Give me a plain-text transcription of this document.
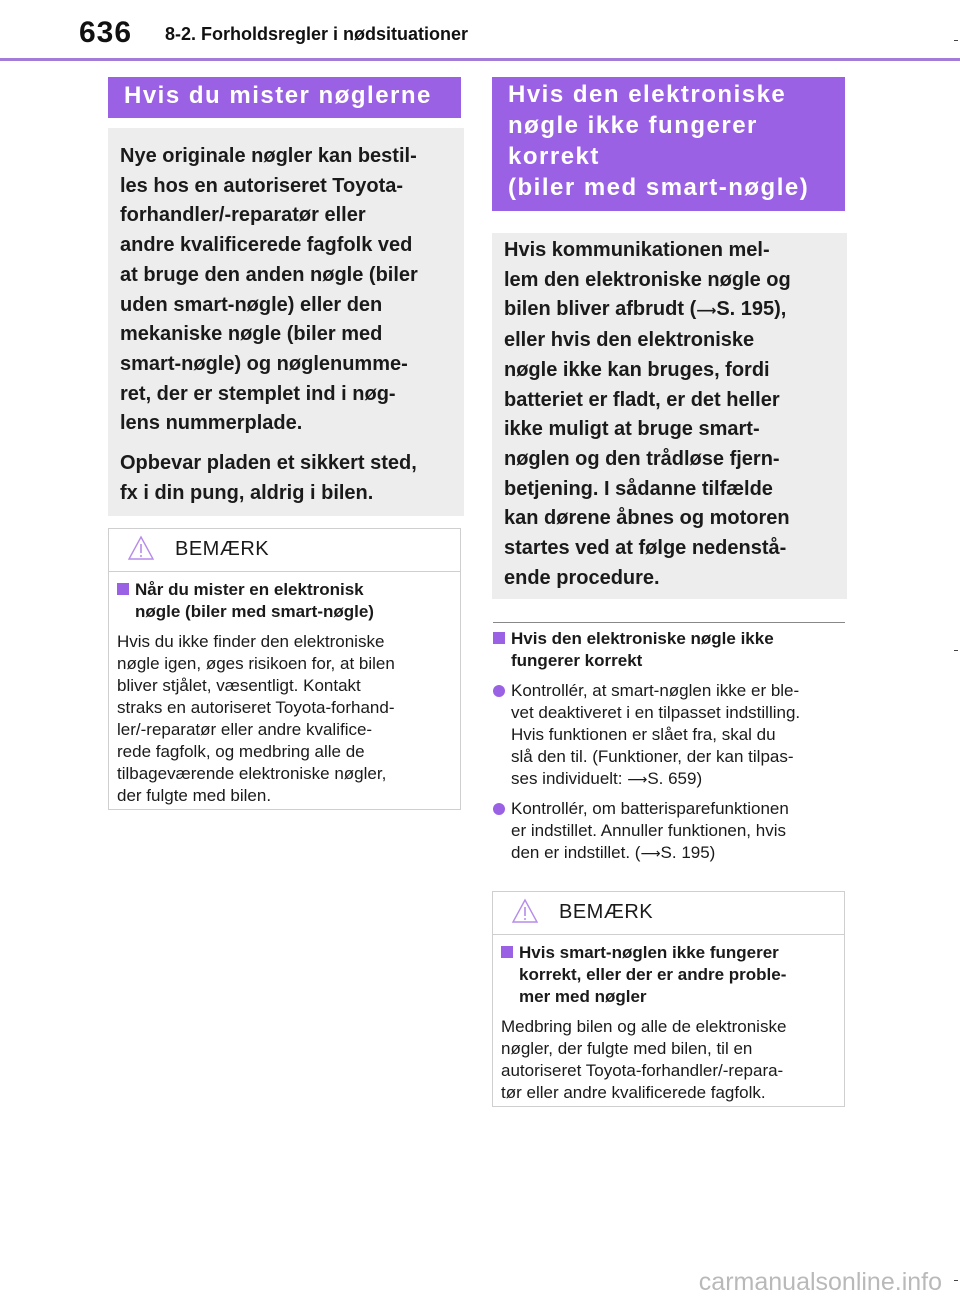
636 8-2. Forholdsregler i nødsituationer
Hvis du mister nøglerne

Nye originale nøgler kan bestil-
les hos en autoriseret Toyota-
forhandler/-reparatør eller
andre kvalificerede fagfolk ved
at bruge den anden nøgle (biler
uden smart-nøgle) eller den
mekaniske nøgle (biler med
smart-nøgle) og nøglenumme-
ret, der er stemplet ind i nøg-
lens nummerplade.

Opbevar pladen et sikkert sted,
fx i din pung, aldrig i bilen.

BEMÆRK
Når du mister en elektronisk
nøgle (biler med smart-nøgle)
Hvis du ikke finder den elektroniske
nøgle igen, øges risikoen for, at bilen
bliver stjålet, væsentligt. Kontakt
straks en autoriseret Toyota-forhand-
ler/-reparatør eller andre kvalifice-
rede fagfolk, og medbring alle de
tilbageværende elektroniske nøgler,
der fulgte med bilen.
Hvis den elektroniske
nøgle ikke fungerer
korrekt
(biler med smart-nøgle)

Hvis kommunikationen mel-
lem den elektroniske nøgle og
bilen bliver afbrudt (⟶S. 195),
eller hvis den elektroniske
nøgle ikke kan bruges, fordi
batteriet er fladt, er det heller
ikke muligt at bruge smart-
nøglen og den trådløse fjern-
betjening. I sådanne tilfælde
kan dørene åbnes og motoren
startes ved at følge nedenstå-
ende procedure.

Hvis den elektroniske nøgle ikke
fungerer korrekt
Kontrollér, at smart-nøglen ikke er ble-
vet deaktiveret i en tilpasset indstilling.
Hvis funktionen er slået fra, skal du
slå den til. (Funktioner, der kan tilpas-
ses individuelt: ⟶S. 659)
Kontrollér, om batterisparefunktionen
er indstillet. Annuller funktionen, hvis
den er indstillet. (⟶S. 195)
BEMÆRK
Hvis smart-nøglen ikke fungerer
korrekt, eller der er andre proble-
mer med nøgler
Medbring bilen og alle de elektroniske
nøgler, der fulgte med bilen, til en
autoriseret Toyota-forhandler/-repara-
tør eller andre kvalificerede fagfolk.
carmanualsonline.info
